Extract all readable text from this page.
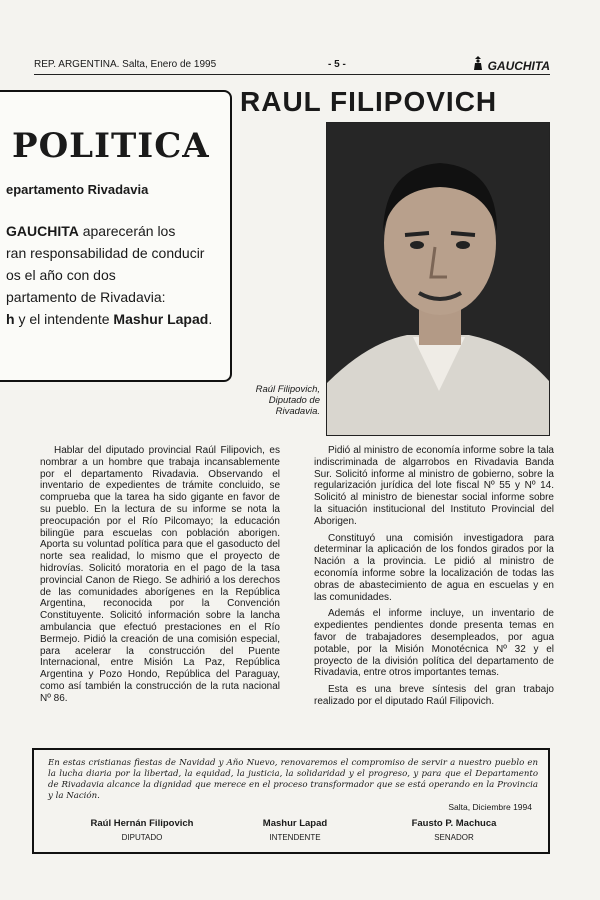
REP. ARGENTINA. Salta, Enero de 1995	- 5 -	GAUCHITA
RAUL FILIPOVICH
POLITICA
epartamento Rivadavia
GAUCHITA aparecerán los
ran responsabilidad de conducir
os el año con dos
partamento de Rivadavia:
h y el intendente Mashur Lapad.
Raúl Filipovich,
Diputado de
Rivadavia.

Hablar del diputado provincial Raúl Filipovich, es nombrar a un hombre que trabaja incansablemente por el departamento Rivadavia. Observando el inventario de expedientes de trámite concluido, se comprueba que la tarea ha sido gigante en favor de su pueblo. En la lectura de su informe se nota la preocupación por el Río Pilcomayo; la educación bilingüe para escuelas con población aborigen. Aporta su voluntad política para que el gasoducto del norte sea realidad, lo mismo que el proyecto de hidrovías. Solicitó moratoria en el pago de la tasa provincial Canon de Riego. Se adhirió a los derechos de las comunidades aborígenes en la República Argentina, reconocida por la Convención Constituyente. Solicitó información sobre la lancha ambulancia que efectuó prestaciones en el Río Bermejo. Pidió la creación de una comisión especial, para acelerar la construcción del Puente Internacional, entre Misión La Paz, República Argentina y Pozo Hondo, República del Paraguay, como así también la construcción de la ruta nacional Nº 86.

Pidió al ministro de economía informe sobre la tala indiscriminada de algarrobos en Rivadavia Banda Sur. Solicitó informe al ministro de gobierno, sobre la regularización jurídica del lote fiscal Nº 55 y Nº 14. Solicitó al ministro de bienestar social informe sobre la situación institucional del Instituto Provincial del Aborigen.

Constituyó una comisión investigadora para determinar la aplicación de los fondos girados por la Nación a la provincia. Le pidió al ministro de economía informe sobre la localización de todas las obras de abastecimiento de agua en escuelas y en las comunidades.

Además el informe incluye, un inventario de expedientes pendientes donde presenta temas en favor de trabajadores desempleados, por agua potable, por la Misión Monotécnica Nº 32 y el proyecto de la división política del departamento de Rivadavia, entre otros importantes temas.

Esta es una breve síntesis del gran trabajo realizado por el diputado Raúl Filipovich.

En estas cristianas fiestas de Navidad y Año Nuevo, renovaremos el compromiso de servir a nuestro pueblo en la lucha diaria por la libertad, la equidad, la justicia, la solidaridad y el progreso, y para que el Departamento de Rivadavia alcance la dignidad que merece en el proceso transformador que se está operando en la Provincia y la Nación.
Salta, Diciembre 1994
Raúl Hernán Filipovich
DIPUTADO
Mashur Lapad
INTENDENTE
Fausto P. Machuca
SENADOR
